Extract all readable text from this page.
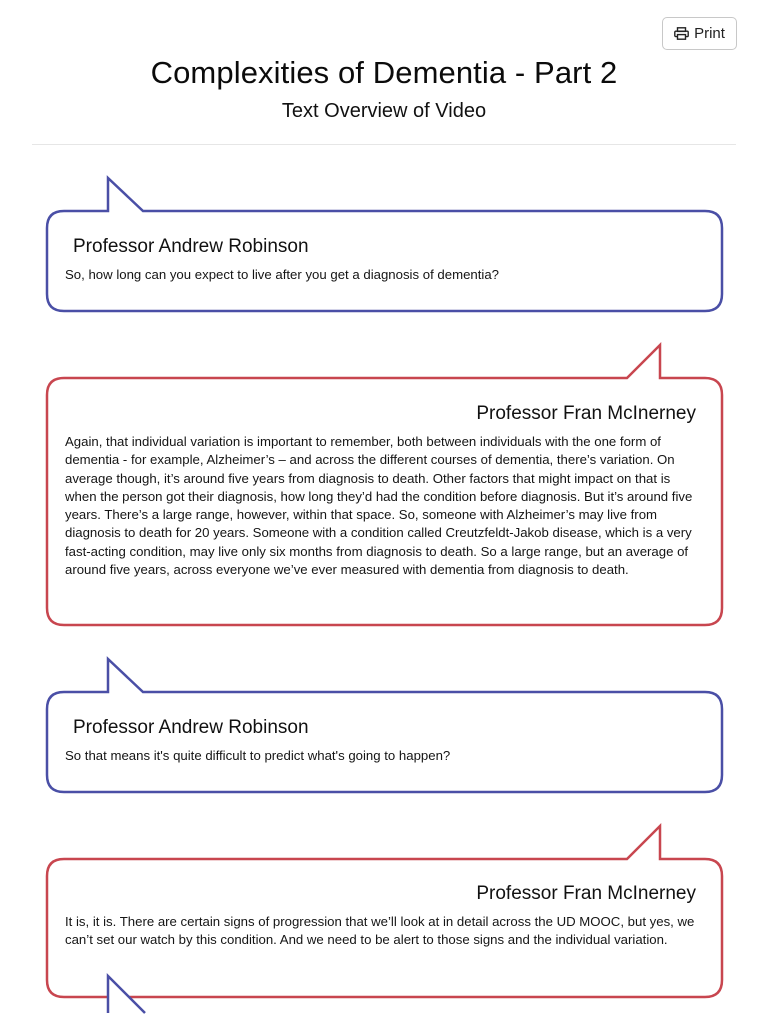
Print
Complexities of Dementia - Part 2
Text Overview of Video
Professor Andrew Robinson
So, how long can you expect to live after you get a diagnosis of dementia?
Professor Fran McInerney
Again, that individual variation is important to remember, both between individuals with the one form of dementia - for example, Alzheimer’s – and across the different courses of dementia, there’s variation. On average though, it’s around five years from diagnosis to death. Other factors that might impact on that is when the person got their diagnosis, how long they’d had the condition before diagnosis. But it’s around five years. There’s a large range, however, within that space. So, someone with Alzheimer’s may live from diagnosis to death for 20 years. Someone with a condition called Creutzfeldt-Jakob disease, which is a very fast-acting condition, may live only six months from diagnosis to death. So a large range, but an average of around five years, across everyone we’ve ever measured with dementia from diagnosis to death.
Professor Andrew Robinson
So that means it's quite difficult to predict what's going to happen?
Professor Fran McInerney
It is, it is. There are certain signs of progression that we’ll look at in detail across the UD MOOC, but yes, we can’t set our watch by this condition. And we need to be alert to those signs and the individual variation.
